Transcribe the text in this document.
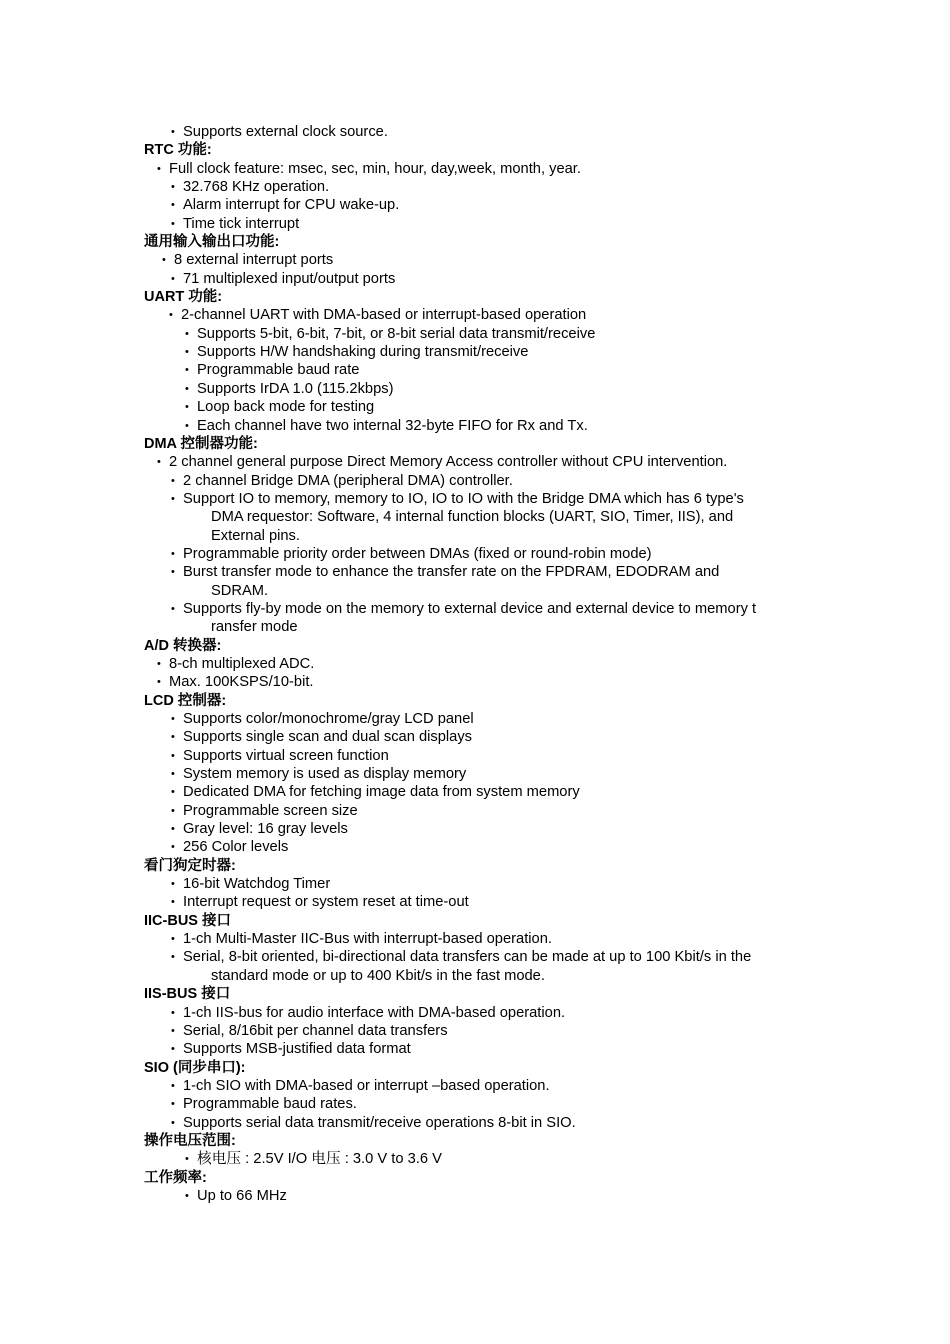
• Supports external clock source.
RTC 功能:
• Full clock feature: msec, sec, min, hour, day,week, month, year.
• 32.768 KHz operation.
• Alarm interrupt for CPU wake-up.
• Time tick interrupt
通用输入输出口功能:
• 8 external interrupt ports
• 71 multiplexed input/output ports
UART 功能:
• 2-channel UART with DMA-based or interrupt-based operation
• Supports 5-bit, 6-bit, 7-bit, or 8-bit serial data transmit/receive
• Supports H/W handshaking during transmit/receive
• Programmable baud rate
• Supports IrDA 1.0 (115.2kbps)
• Loop back mode for testing
• Each channel have two internal 32-byte FIFO for Rx and Tx.
DMA 控制器功能:
• 2 channel general purpose Direct Memory Access controller without CPU intervention.
• 2 channel Bridge DMA (peripheral DMA) controller.
• Support IO to memory, memory to IO, IO to IO with the Bridge DMA which has 6 type's
DMA requestor: Software, 4 internal function blocks (UART, SIO, Timer, IIS), and
External pins.
• Programmable priority order between DMAs (fixed or round-robin mode)
• Burst transfer mode to enhance the transfer rate on the FPDRAM, EDODRAM and
SDRAM.
• Supports fly-by mode on the memory to external device and external device to memory t
ransfer mode
A/D 转换器:
• 8-ch multiplexed ADC.
• Max. 100KSPS/10-bit.
LCD 控制器:
• Supports color/monochrome/gray LCD panel
• Supports single scan and dual scan displays
• Supports virtual screen function
• System memory is used as display memory
• Dedicated DMA for fetching image data from system memory
• Programmable screen size
• Gray level: 16 gray levels
• 256 Color levels
看门狗定时器:
• 16-bit Watchdog Timer
• Interrupt request or system reset at time-out
IIC-BUS 接口
• 1-ch Multi-Master IIC-Bus with interrupt-based operation.
• Serial, 8-bit oriented, bi-directional data transfers can be made at up to 100 Kbit/s in the
standard mode or up to 400 Kbit/s in the fast mode.
IIS-BUS 接口
• 1-ch IIS-bus for audio interface with DMA-based operation.
• Serial, 8/16bit per channel data transfers
• Supports MSB-justified data format
SIO (同步串口):
• 1-ch SIO with DMA-based or interrupt –based operation.
• Programmable baud rates.
• Supports serial data transmit/receive operations 8-bit in SIO.
操作电压范围:
• 核电压 : 2.5V I/O 电压 : 3.0 V to 3.6 V
工作频率:
• Up to 66 MHz
